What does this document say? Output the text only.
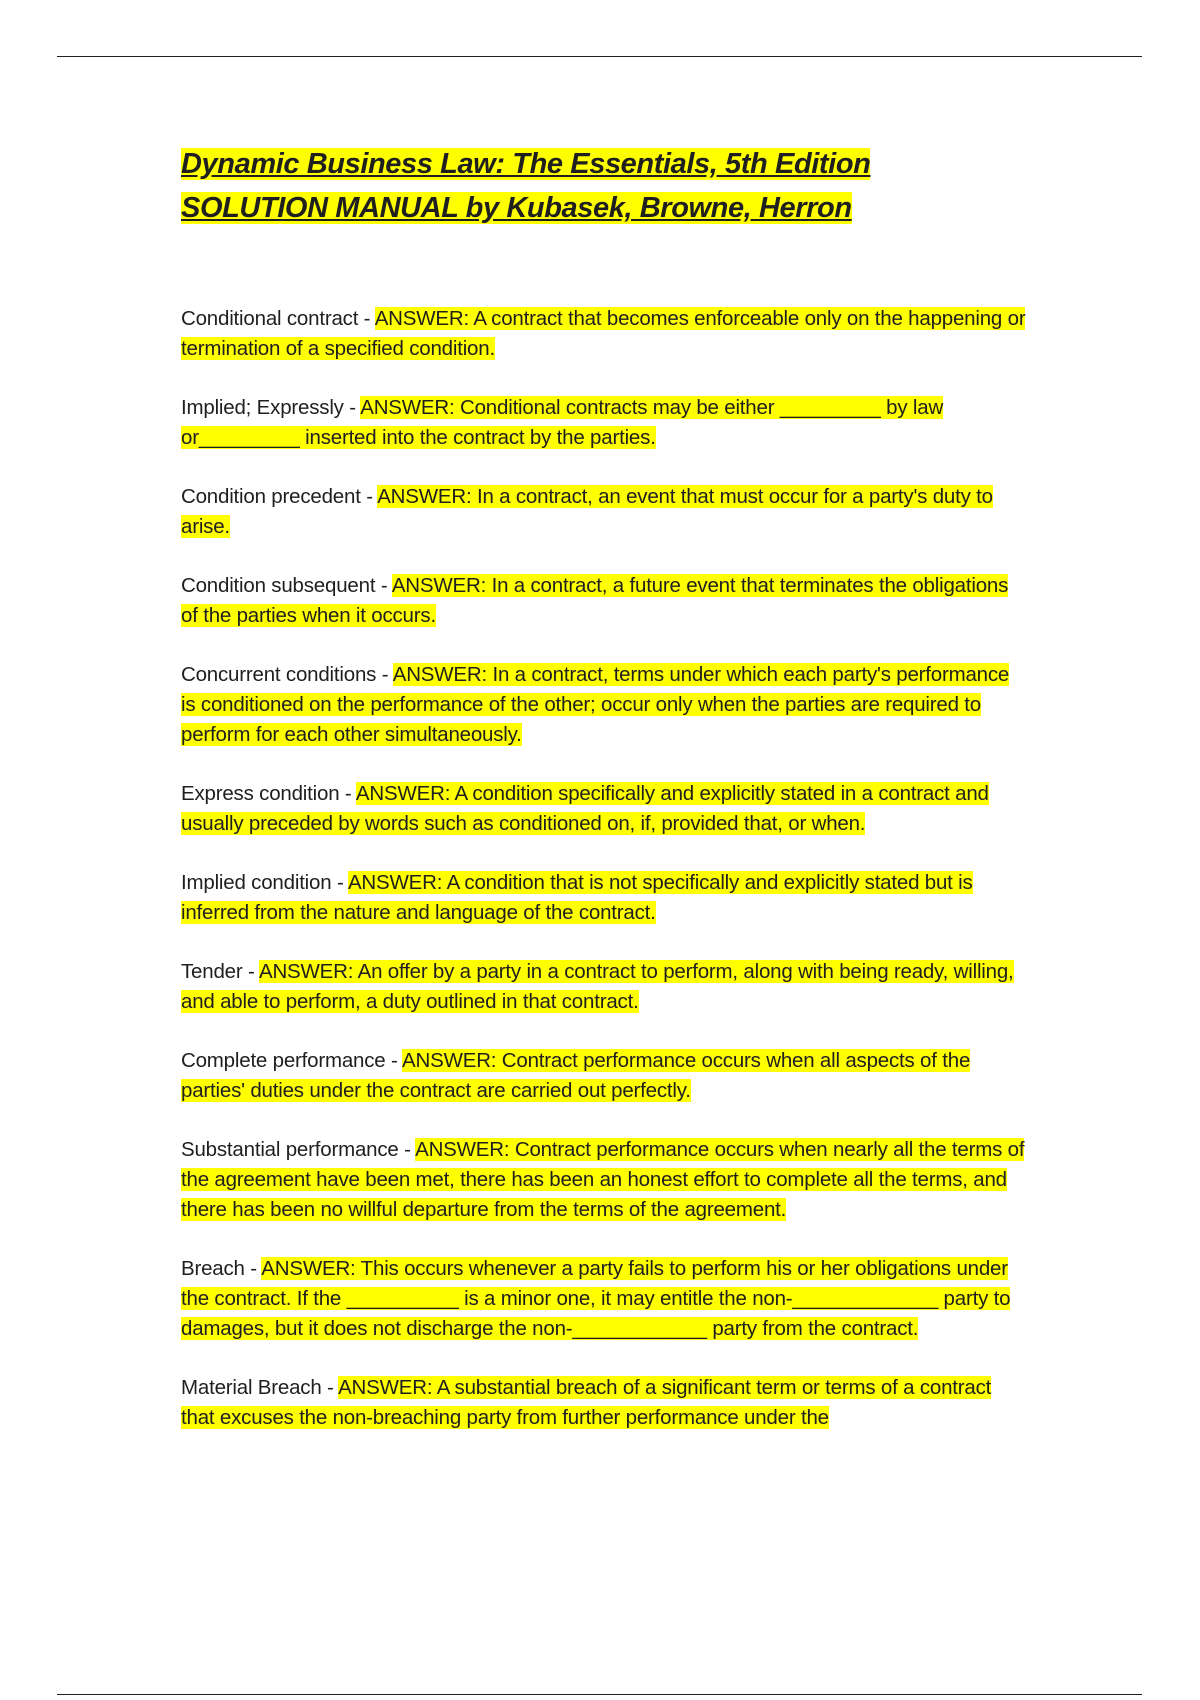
Dynamic Business Law: The Essentials, 5th Edition
SOLUTION MANUAL by Kubasek, Browne, Herron

Conditional contract - ANSWER: A contract that becomes enforceable only on the happening or termination of a specified condition.

Implied; Expressly - ANSWER: Conditional contracts may be either _________ by law or_________ inserted into the contract by the parties.

Condition precedent - ANSWER: In a contract, an event that must occur for a party's duty to arise.

Condition subsequent - ANSWER: In a contract, a future event that terminates the obligations of the parties when it occurs.

Concurrent conditions - ANSWER: In a contract, terms under which each party's performance is conditioned on the performance of the other; occur only when the parties are required to perform for each other simultaneously.

Express condition - ANSWER: A condition specifically and explicitly stated in a contract and usually preceded by words such as conditioned on, if, provided that, or when.

Implied condition - ANSWER: A condition that is not specifically and explicitly stated but is inferred from the nature and language of the contract.

Tender - ANSWER: An offer by a party in a contract to perform, along with being ready, willing, and able to perform, a duty outlined in that contract.

Complete performance - ANSWER: Contract performance occurs when all aspects of the parties' duties under the contract are carried out perfectly.

Substantial performance - ANSWER: Contract performance occurs when nearly all the terms of the agreement have been met, there has been an honest effort to complete all the terms, and there has been no willful departure from the terms of the agreement.

Breach - ANSWER: This occurs whenever a party fails to perform his or her obligations under the contract. If the __________ is a minor one, it may entitle the non-_____________ party to damages, but it does not discharge the non-____________ party from the contract.

Material Breach - ANSWER: A substantial breach of a significant term or terms of a contract that excuses the non-breaching party from further performance under the
